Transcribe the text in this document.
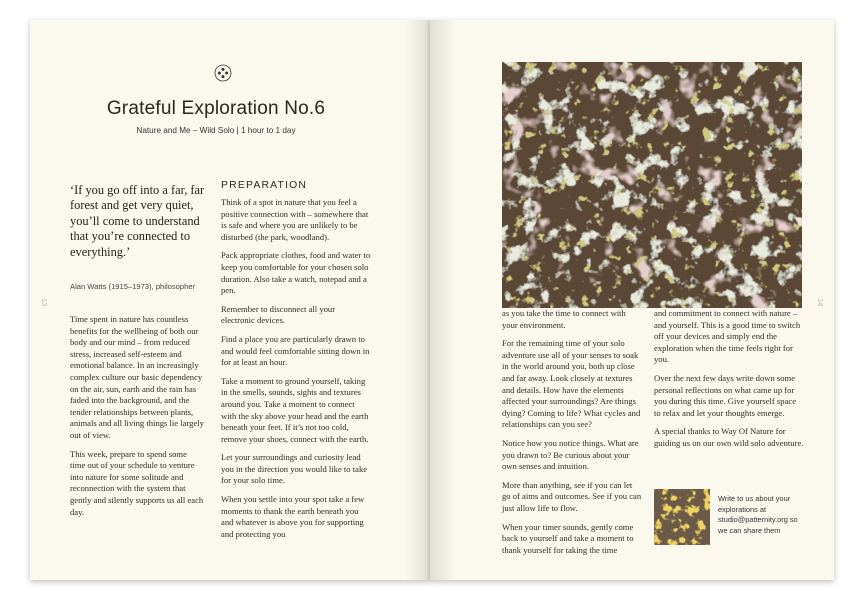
Grateful Exploration No.6
Nature and Me – Wild Solo | 1 hour to 1 day
‘If you go off into a far, far forest and get very quiet, you’ll come to understand that you’re connected to everything.’
Alan Watts (1915–1973), philosopher

Time spent in nature has countless benefits for the wellbeing of both our body and our mind – from reduced stress, increased self-esteem and emotional balance. In an increasingly complex culture our basic dependency on the air, sun, earth and the rain has faded into the background, and the tender relationships between plants, animals and all living things lie largely out of view.

This week, prepare to spend some time out of your schedule to venture into nature for some solitude and reconnection with the system that gently and silently supports us all each day.

PREPARATION

Think of a spot in nature that you feel a positive connection with – somewhere that is safe and where you are unlikely to be disturbed (the park, woodland).

Pack appropriate clothes, food and water to keep you comfortable for your chosen solo duration. Also take a watch, notepad and a pen.

Remember to disconnect all your electronic devices.

Find a place you are particularly drawn to and would feel comfortable sitting down in for at least an hour.

Take a moment to ground yourself, taking in the smells, sounds, sights and textures around you. Take a moment to connect with the sky above your head and the earth beneath your feet. If it’s not too cold, remove your shoes, connect with the earth.

Let your surroundings and curiosity lead you in the direction you would like to take for your solo time.

When you settle into your spot take a few moments to thank the earth beneath you and whatever is above you for supporting and protecting you

13

as you take the time to connect with your environment.

For the remaining time of your solo adventure use all of your senses to soak in the world around you, both up close and far away. Look closely at textures and details. How have the elements affected your surroundings? Are things dying? Coming to life? What cycles and relationships can you see?

Notice how you notice things. What are you drawn to? Be curious about your own senses and intuition.

More than anything, see if you can let go of aims and outcomes. See if you can just allow life to flow.

When your timer sounds, gently come back to yourself and take a moment to thank yourself for taking the time

and commitment to connect with nature – and yourself. This is a good time to switch off your devices and simply end the exploration when the time feels right for you.

Over the next few days write down some personal reflections on what came up for you during this time. Give yourself space to relax and let your thoughts emerge.

A special thanks to Way Of Nature for guiding us on our own wild solo adventure.

Write to us about your explorations at studio@patternity.org so we can share them

14
